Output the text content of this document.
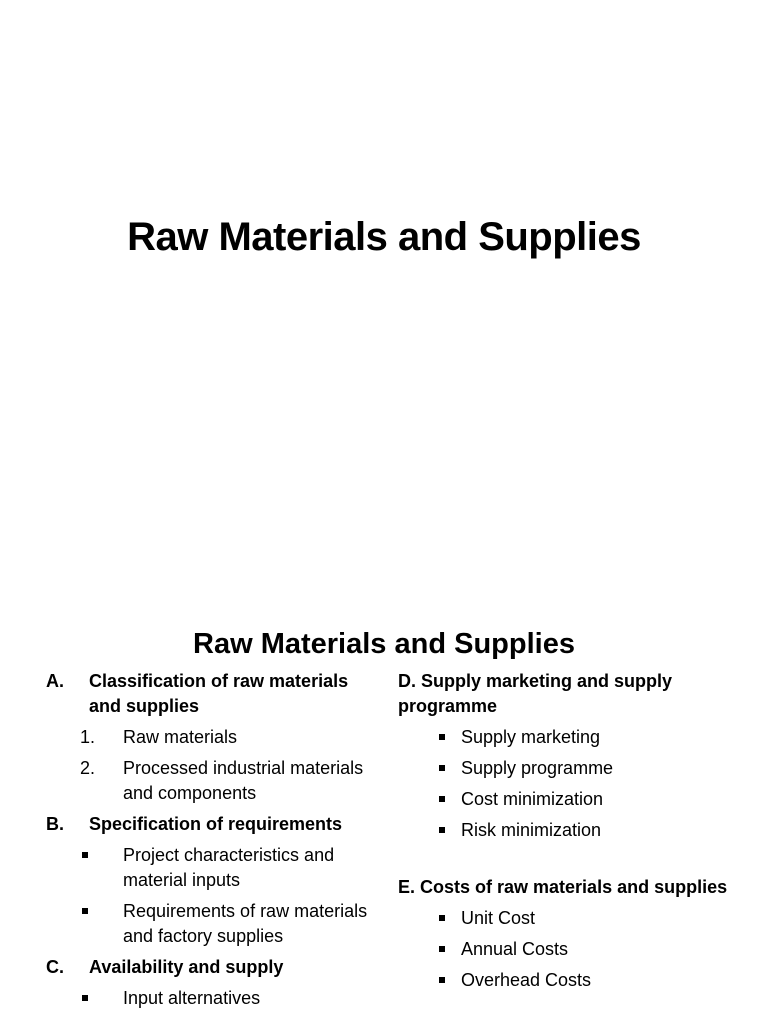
Raw Materials and Supplies
Raw Materials and Supplies
A. Classification of raw materials and supplies
1. Raw materials
2. Processed industrial materials and components
B. Specification of requirements
Project characteristics and material inputs
Requirements of raw materials and factory supplies
C. Availability and supply
Input alternatives
D. Supply marketing and supply programme
Supply marketing
Supply programme
Cost minimization
Risk minimization
E. Costs of raw materials and supplies
Unit Cost
Annual Costs
Overhead Costs
